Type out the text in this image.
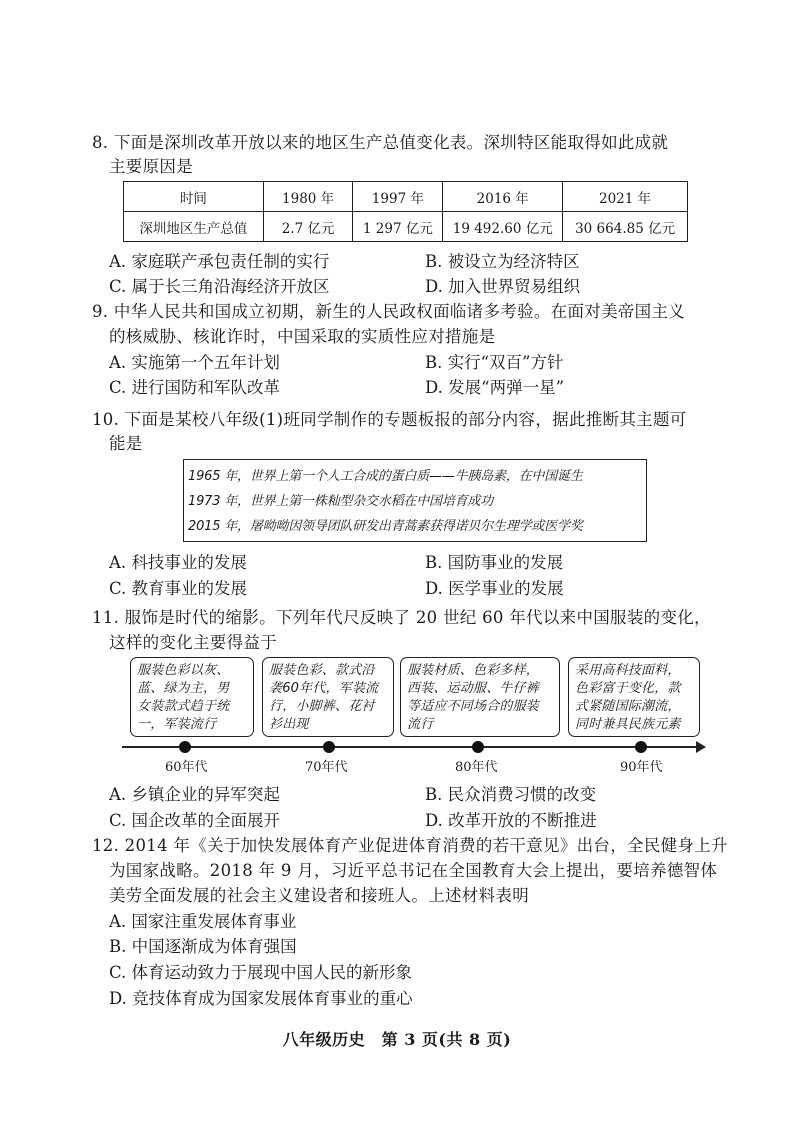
8. 下面是深圳改革开放以来的地区生产总值变化表。深圳特区能取得如此成就
主要原因是
时间	1980 年	1997 年	2016 年	2021 年
深圳地区生产总值	2.7 亿元	1 297 亿元	19 492.60 亿元	30 664.85 亿元
A. 家庭联产承包责任制的实行	B. 被设立为经济特区
C. 属于长三角沿海经济开放区	D. 加入世界贸易组织
9. 中华人民共和国成立初期，新生的人民政权面临诸多考验。在面对美帝国主义
的核威胁、核讹诈时，中国采取的实质性应对措施是
A. 实施第一个五年计划	B. 实行“双百”方针
C. 进行国防和军队改革	D. 发展“两弹一星”
10. 下面是某校八年级(1)班同学制作的专题板报的部分内容，据此推断其主题可
能是
1965 年，世界上第一个人工合成的蛋白质——牛胰岛素，在中国诞生
1973 年，世界上第一株籼型杂交水稻在中国培育成功
2015 年，屠呦呦因领导团队研发出青蒿素获得诺贝尔生理学或医学奖
A. 科技事业的发展	B. 国防事业的发展
C. 教育事业的发展	D. 医学事业的发展
11. 服饰是时代的缩影。下列年代尺反映了 20 世纪 60 年代以来中国服装的变化，
这样的变化主要得益于
服装色彩以灰、
蓝、绿为主，男
女装款式趋于统
一，军装流行
服装色彩、款式沿
袭60年代，军装流
行，小脚裤、花衬
衫出现
服装材质、色彩多样，
西装、运动服、牛仔裤
等适应不同场合的服装
流行
采用高科技面料，
色彩富于变化，款
式紧随国际潮流，
同时兼具民族元素
60年代	70年代	80年代	90年代
A. 乡镇企业的异军突起	B. 民众消费习惯的改变
C. 国企改革的全面展开	D. 改革开放的不断推进
12. 2014 年《关于加快发展体育产业促进体育消费的若干意见》出台，全民健身上升
为国家战略。2018 年 9 月，习近平总书记在全国教育大会上提出，要培养德智体
美劳全面发展的社会主义建设者和接班人。上述材料表明
A. 国家注重发展体育事业
B. 中国逐渐成为体育强国
C. 体育运动致力于展现中国人民的新形象
D. 竞技体育成为国家发展体育事业的重心
八年级历史　第 3 页(共 8 页)
